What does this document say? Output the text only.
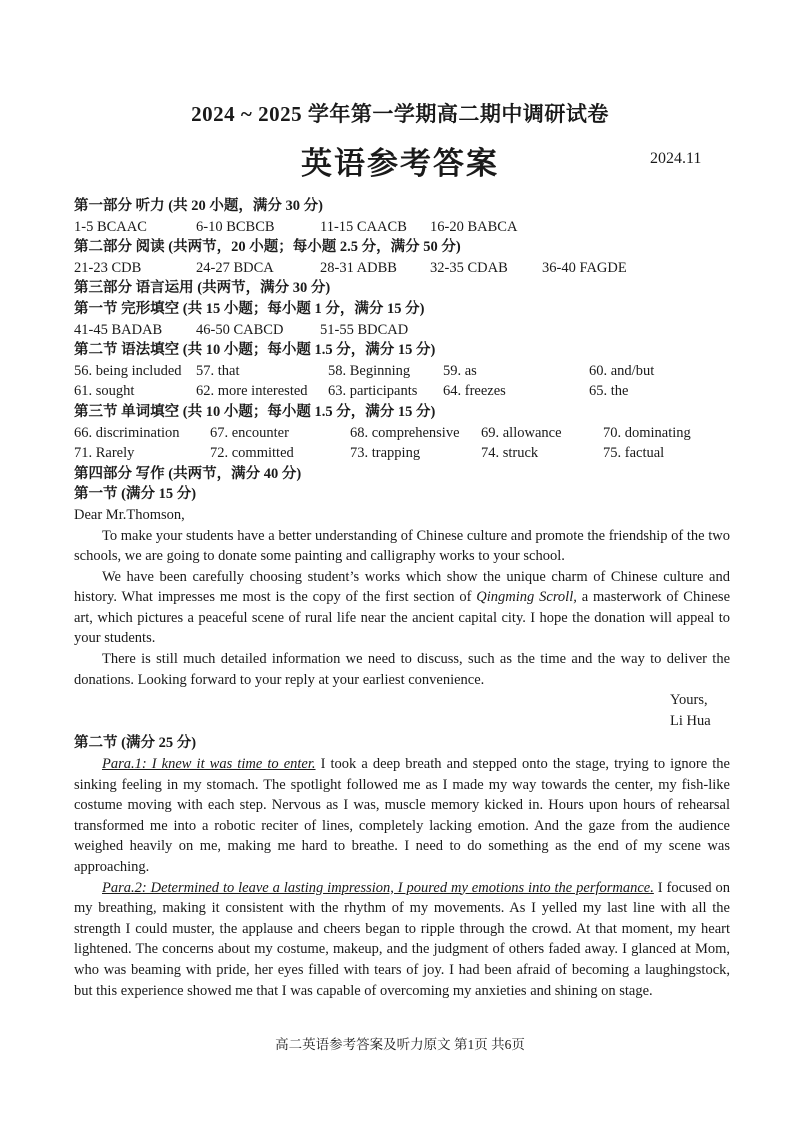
2024 ~ 2025 学年第一学期高二期中调研试卷
英语参考答案	2024.11
第一部分 听力 (共 20 小题，满分 30 分)
1-5 BCAAC	6-10 BCBCB	11-15 CAACB	16-20 BABCA
第二部分 阅读 (共两节，20 小题；每小题 2.5 分，满分 50 分)
21-23 CDB	24-27 BDCA	28-31 ADBB	32-35 CDAB	36-40 FAGDE
第三部分 语言运用 (共两节，满分 30 分)
第一节 完形填空 (共 15 小题；每小题 1 分，满分 15 分)
41-45 BADAB	46-50 CABCD	51-55 BDCAD
第二节 语法填空 (共 10 小题；每小题 1.5 分，满分 15 分)
56. being included 57. that	58. Beginning	59. as	60. and/but
61. sought	62. more interested	63. participants	64. freezes	65. the
第三节 单词填空 (共 10 小题；每小题 1.5 分，满分 15 分)
66. discrimination	67. encounter	68. comprehensive	69. allowance	70. dominating
71. Rarely	72. committed	73. trapping	74. struck	75. factual
第四部分 写作 (共两节，满分 40 分)
第一节 (满分 15 分)
Dear Mr.Thomson,

To make your students have a better understanding of Chinese culture and promote the friendship of the two schools, we are going to donate some painting and calligraphy works to your school.

We have been carefully choosing student’s works which show the unique charm of Chinese culture and history. What impresses me most is the copy of the first section of Qingming Scroll, a masterwork of Chinese art, which pictures a peaceful scene of rural life near the ancient capital city. I hope the donation will appeal to your students.

There is still much detailed information we need to discuss, such as the time and the way to deliver the donations. Looking forward to your reply at your earliest convenience.

Yours,
Li Hua
第二节 (满分 25 分)

Para.1: I knew it was time to enter. I took a deep breath and stepped onto the stage, trying to ignore the sinking feeling in my stomach. The spotlight followed me as I made my way towards the center, my fish-like costume moving with each step. Nervous as I was, muscle memory kicked in. Hours upon hours of rehearsal transformed me into a robotic reciter of lines, completely lacking emotion. And the gaze from the audience weighed heavily on me, making me hard to breathe. I need to do something as the end of my scene was approaching.

Para.2: Determined to leave a lasting impression, I poured my emotions into the performance. I focused on my breathing, making it consistent with the rhythm of my movements. As I yelled my last line with all the strength I could muster, the applause and cheers began to ripple through the crowd. At that moment, my heart lightened. The concerns about my costume, makeup, and the judgment of others faded away. I glanced at Mom, who was beaming with pride, her eyes filled with tears of joy. I had been afraid of becoming a laughingstock, but this experience showed me that I was capable of overcoming my anxieties and shining on stage.

高二英语参考答案及听力原文 第1页 共6页
